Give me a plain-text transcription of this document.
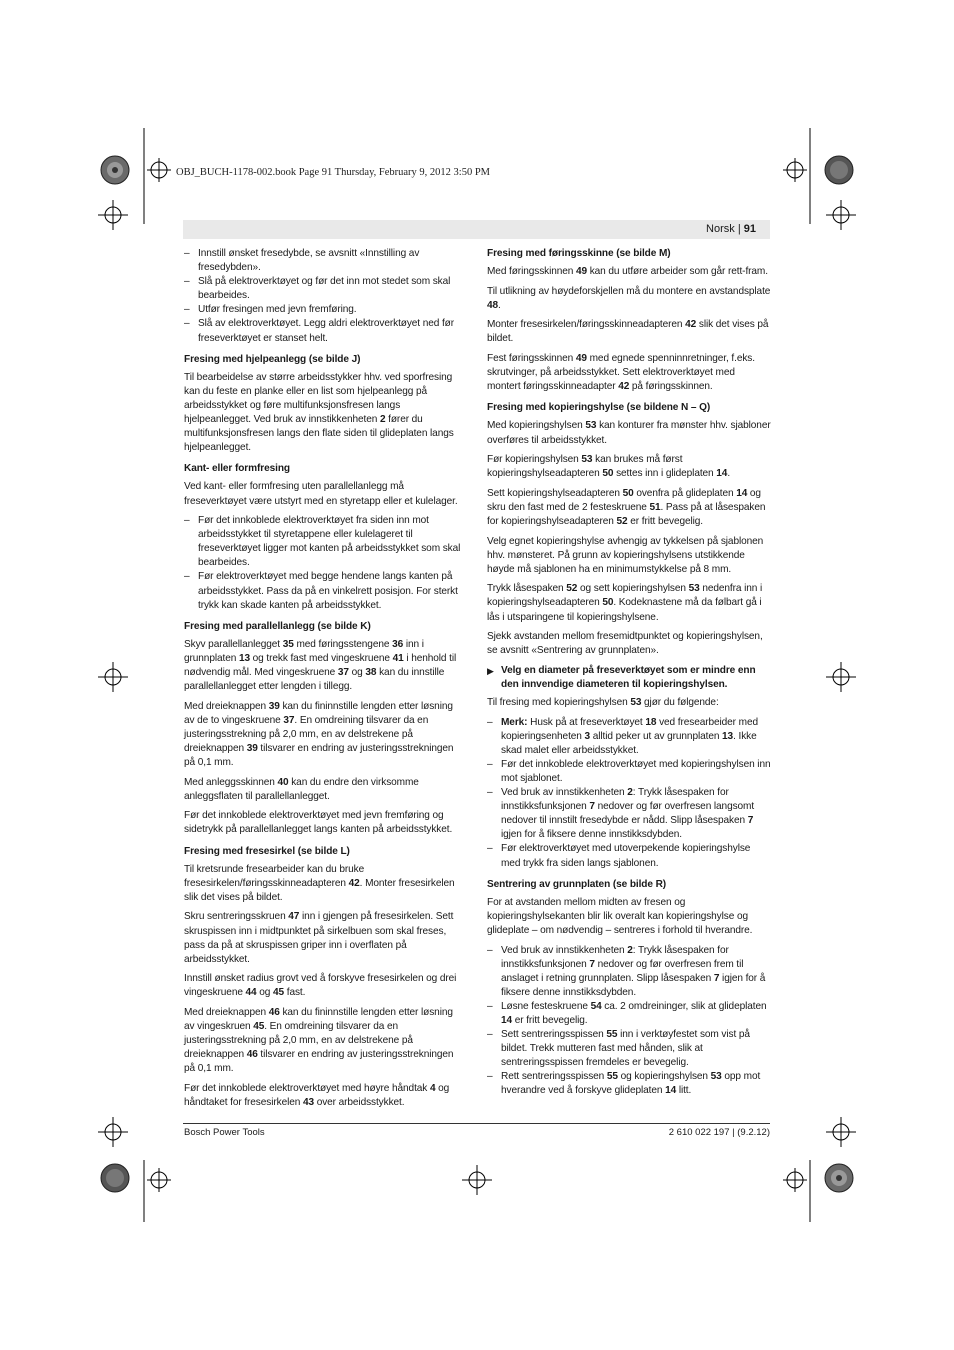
OBJ_BUCH-1178-002.book Page 91 Thursday, February 9, 2012 3:50 PM
Norsk | 91
– Innstill ønsket fresedybde, se avsnitt «Innstilling av fresedybden».
– Slå på elektroverktøyet og før det inn mot stedet som skal bearbeides.
– Utfør fresingen med jevn fremføring.
– Slå av elektroverktøyet. Legg aldri elektroverktøyet ned før freseverktøyet er stanset helt.
Fresing med hjelpeanlegg (se bilde J)

Til bearbeidelse av større arbeidsstykker hhv. ved sporfresing kan du feste en planke eller en list som hjelpeanlegg på arbeidsstykket og føre multifunksjonsfresen langs hjelpeanlegget. Ved bruk av innstikkenheten 2 fører du multifunksjonsfresen langs den flate siden til glideplaten langs hjelpeanlegget.

Kant- eller formfresing

Ved kant- eller formfresing uten parallellanlegg må freseverktøyet være utstyrt med en styretapp eller et kulelager.

– Før det innkoblede elektroverktøyet fra siden inn mot arbeidsstykket til styretappene eller kulelageret til freseverktøyet ligger mot kanten på arbeidsstykket som skal bearbeides.
– Før elektroverktøyet med begge hendene langs kanten på arbeidsstykket. Pass da på en vinkelrett posisjon. For sterkt trykk kan skade kanten på arbeidsstykket.
Fresing med parallellanlegg (se bilde K)

Skyv parallellanlegget 35 med føringsstengene 36 inn i grunnplaten 13 og trekk fast med vingeskruene 41 i henhold til nødvendig mål. Med vingeskruene 37 og 38 kan du innstille parallellanlegget etter lengden i tillegg.

Med dreieknappen 39 kan du fininnstille lengden etter løsning av de to vingeskruene 37. En omdreining tilsvarer da en justeringsstrekning på 2,0 mm, en av delstrekene på dreieknappen 39 tilsvarer en endring av justeringsstrekningen på 0,1 mm.

Med anleggsskinnen 40 kan du endre den virksomme anleggsflaten til parallellanlegget.

Før det innkoblede elektroverktøyet med jevn fremføring og sidetrykk på parallellanlegget langs kanten på arbeidsstykket.

Fresing med fresesirkel (se bilde L)

Til kretsrunde fresearbeider kan du bruke fresesirkelen/føringsskinneadapteren 42. Monter fresesirkelen slik det vises på bildet.

Skru sentreringsskruen 47 inn i gjengen på fresesirkelen. Sett skruspissen inn i midtpunktet på sirkelbuen som skal freses, pass da på at skruspissen griper inn i overflaten på arbeidsstykket.

Innstill ønsket radius grovt ved å forskyve fresesirkelen og drei vingeskruene 44 og 45 fast.

Med dreieknappen 46 kan du fininnstille lengden etter løsning av vingeskruen 45. En omdreining tilsvarer da en justeringsstrekning på 2,0 mm, en av delstrekene på dreieknappen 46 tilsvarer en endring av justeringsstrekningen på 0,1 mm.

Før det innkoblede elektroverktøyet med høyre håndtak 4 og håndtaket for fresesirkelen 43 over arbeidsstykket.

Fresing med føringsskinne (se bilde M)

Med føringsskinnen 49 kan du utføre arbeider som går rett-fram.

Til utlikning av høydeforskjellen må du montere en avstandsplate 48.

Monter fresesirkelen/føringsskinneadapteren 42 slik det vises på bildet.

Fest føringsskinnen 49 med egnede spenninnretninger, f.eks. skrutvinger, på arbeidsstykket. Sett elektroverktøyet med montert føringsskinneadapter 42 på føringsskinnen.

Fresing med kopieringshylse (se bildene N – Q)

Med kopieringshylsen 53 kan konturer fra mønster hhv. sjabloner overføres til arbeidsstykket.

Før kopieringshylsen 53 kan brukes må først kopieringshylseadapteren 50 settes inn i glideplaten 14.

Sett kopieringshylseadapteren 50 ovenfra på glideplaten 14 og skru den fast med de 2 festeskruene 51. Pass på at låsespaken for kopieringshylseadapteren 52 er fritt bevegelig.

Velg egnet kopieringshylse avhengig av tykkelsen på sjablonen hhv. mønsteret. På grunn av kopieringshylsens utstikkende høyde må sjablonen ha en minimumstykkelse på 8 mm.

Trykk låsespaken 52 og sett kopieringshylsen 53 nedenfra inn i kopieringshylseadapteren 50. Kodeknastene må da følbart gå i lås i utsparingene til kopieringshylsene.

Sjekk avstanden mellom fresemidtpunktet og kopieringshylsen, se avsnitt «Sentrering av grunnplaten».

▶ Velg en diameter på freseverktøyet som er mindre enn den innvendige diameteren til kopieringshylsen.

Til fresing med kopieringshylsen 53 gjør du følgende:

– Merk: Husk på at freseverktøyet 18 ved fresearbeider med kopieringsenheten 3 alltid peker ut av grunnplaten 13. Ikke skad malet eller arbeidsstykket.
– Før det innkoblede elektroverktøyet med kopieringshylsen inn mot sjablonet.
– Ved bruk av innstikkenheten 2: Trykk låsespaken for innstikksfunksjonen 7 nedover og før overfresen langsomt nedover til innstilt fresedybde er nådd. Slipp låsespaken 7 igjen for å fiksere denne innstikksdybden.
– Før elektroverktøyet med utoverpekende kopieringshylse med trykk fra siden langs sjablonen.
Sentrering av grunnplaten (se bilde R)

For at avstanden mellom midten av fresen og kopieringshylsekanten blir lik overalt kan kopieringshylse og glideplate – om nødvendig – sentreres i forhold til hverandre.

– Ved bruk av innstikkenheten 2: Trykk låsespaken for innstikksfunksjonen 7 nedover og før overfresen frem til anslaget i retning grunnplaten. Slipp låsespaken 7 igjen for å fiksere denne innstikksdybden.
– Løsne festeskruene 54 ca. 2 omdreininger, slik at glideplaten 14 er fritt bevegelig.
– Sett sentreringsspissen 55 inn i verktøyfestet som vist på bildet. Trekk mutteren fast med hånden, slik at sentreringsspissen fremdeles er bevegelig.
– Rett sentreringsspissen 55 og kopieringshylsen 53 opp mot hverandre ved å forskyve glideplaten 14 litt.
Bosch Power Tools	2 610 022 197 | (9.2.12)
